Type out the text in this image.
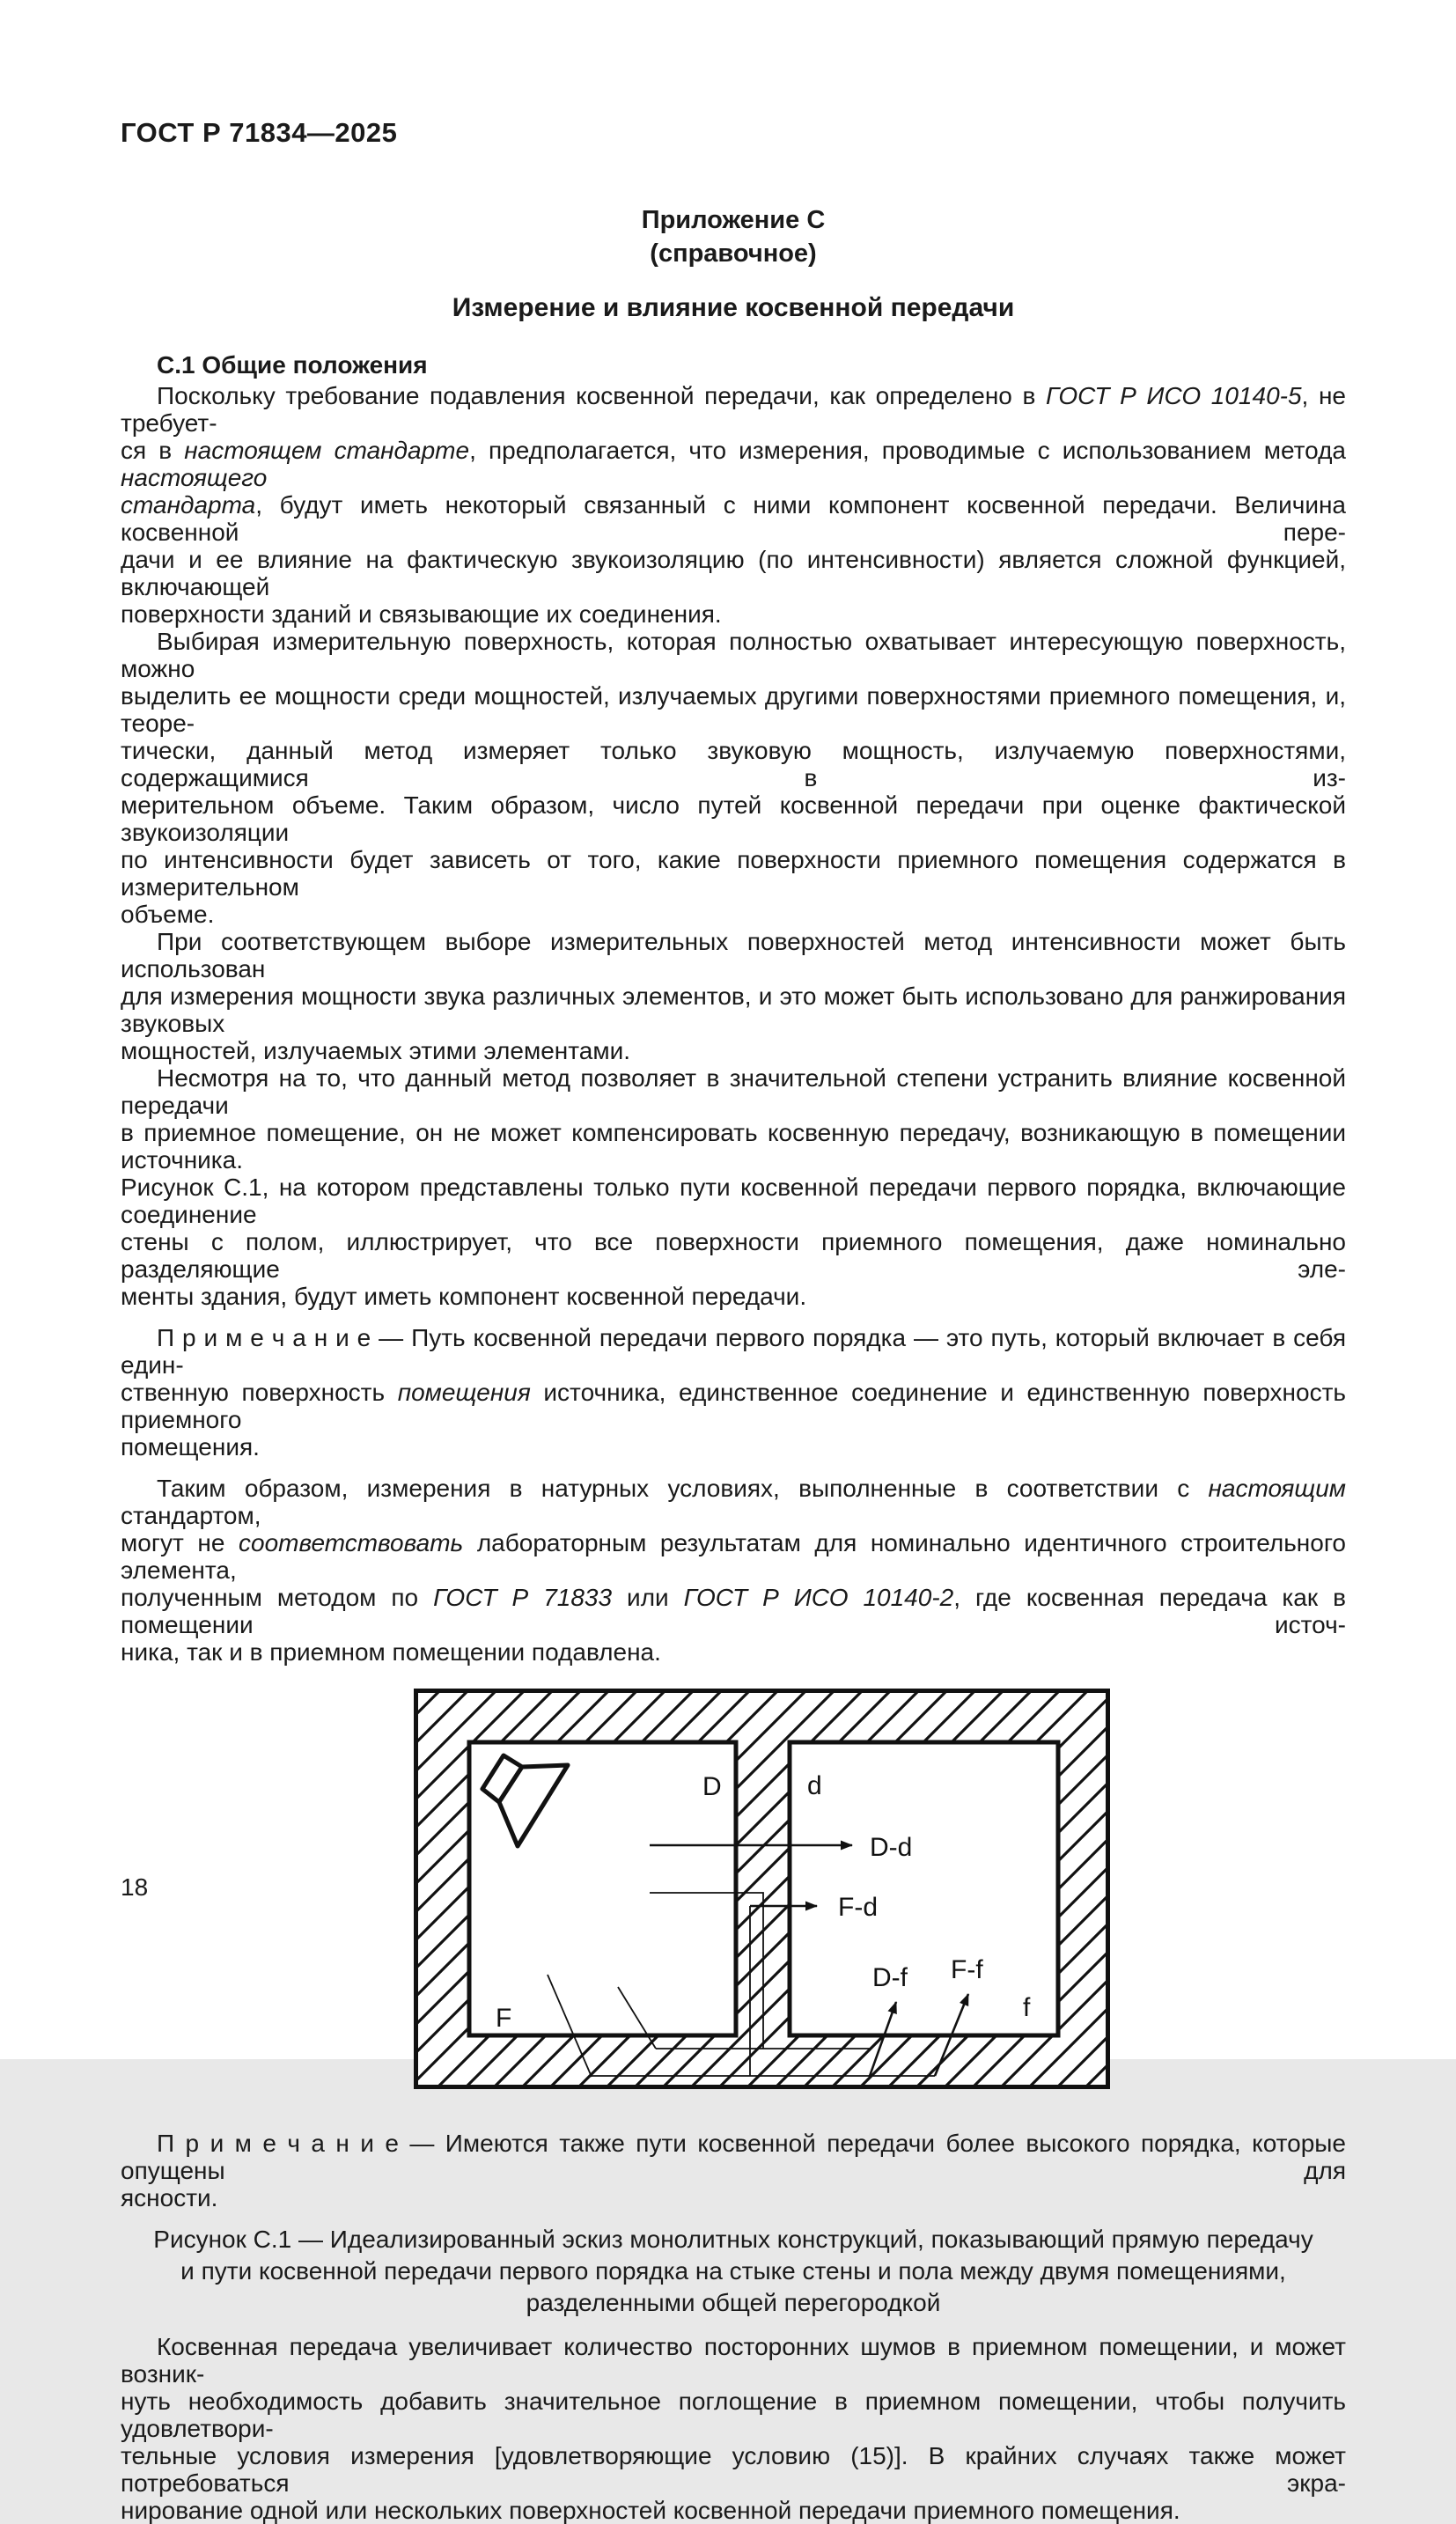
ГОСТ Р 71834—2025
Приложение С
(справочное)
Измерение и влияние косвенной передачи
С.1 Общие положения
Поскольку требование подавления косвенной передачи, как определено в ГОСТ Р ИСО 10140-5, не требует-
ся в настоящем стандарте, предполагается, что измерения, проводимые с использованием метода настоящего
стандарта, будут иметь некоторый связанный с ними компонент косвенной передачи. Величина косвенной пере-
дачи и ее влияние на фактическую звукоизоляцию (по интенсивности) является сложной функцией, включающей
поверхности зданий и связывающие их соединения.
Выбирая измерительную поверхность, которая полностью охватывает интересующую поверхность, можно
выделить ее мощности среди мощностей, излучаемых другими поверхностями приемного помещения, и, теоре-
тически, данный метод измеряет только звуковую мощность, излучаемую поверхностями, содержащимися в из-
мерительном объеме. Таким образом, число путей косвенной передачи при оценке фактической звукоизоляции
по интенсивности будет зависеть от того, какие поверхности приемного помещения содержатся в измерительном
объеме.
При соответствующем выборе измерительных поверхностей метод интенсивности может быть использован
для измерения мощности звука различных элементов, и это может быть использовано для ранжирования звуковых
мощностей, излучаемых этими элементами.
Несмотря на то, что данный метод позволяет в значительной степени устранить влияние косвенной передачи
в приемное помещение, он не может компенсировать косвенную передачу, возникающую в помещении источника.
Рисунок С.1, на котором представлены только пути косвенной передачи первого порядка, включающие соединение
стены с полом, иллюстрирует, что все поверхности приемного помещения, даже номинально разделяющие эле-
менты здания, будут иметь компонент косвенной передачи.
П р и м е ч а н и е — Путь косвенной передачи первого порядка — это путь, который включает в себя един-
ственную поверхность помещения источника, единственное соединение и единственную поверхность приемного
помещения.
Таким образом, измерения в натурных условиях, выполненные в соответствии с настоящим стандартом,
могут не соответствовать лабораторным результатам для номинально идентичного строительного элемента,
полученным методом по ГОСТ Р 71833 или ГОСТ Р ИСО 10140-2, где косвенная передача как в помещении источ-
ника, так и в приемном помещении подавлена.
D	d
F	f
D-d
F-d
D-f F-f
П р и м е ч а н и е — Имеются также пути косвенной передачи более высокого порядка, которые опущены для
ясности.
Рисунок С.1 — Идеализированный эскиз монолитных конструкций, показывающий прямую передачу
и пути косвенной передачи первого порядка на стыке стены и пола между двумя помещениями,
разделенными общей перегородкой
Косвенная передача увеличивает количество посторонних шумов в приемном помещении, и может возник-
нуть необходимость добавить значительное поглощение в приемном помещении, чтобы получить удовлетвори-
тельные условия измерения [удовлетворяющие условию (15)]. В крайних случаях также может потребоваться экра-
нирование одной или нескольких поверхностей косвенной передачи приемного помещения.
18
